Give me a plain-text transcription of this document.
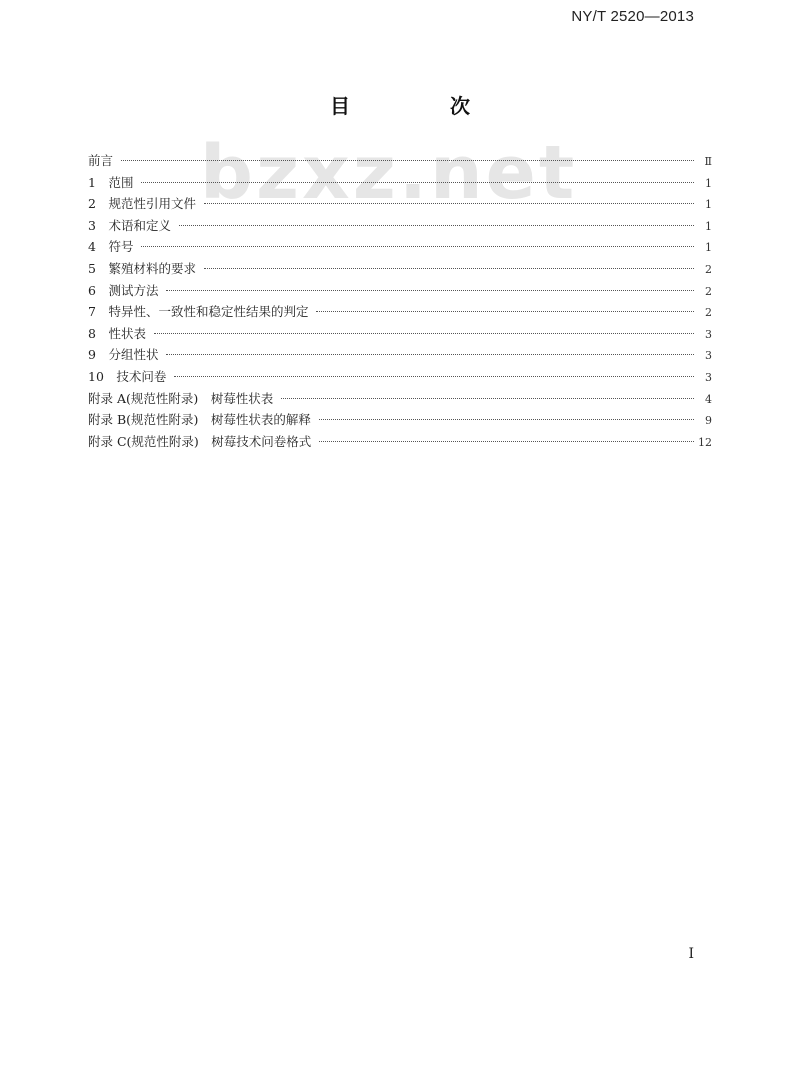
NY/T 2520—2013
目　次
bzxz.net
前言	Ⅱ
1　范围	1
2　规范性引用文件	1
3　术语和定义	1
4　符号	1
5　繁殖材料的要求	2
6　测试方法	2
7　特异性、一致性和稳定性结果的判定	2
8　性状表	3
9　分组性状	3
10　技术问卷	3
附录 A(规范性附录)　树莓性状表	4
附录 B(规范性附录)　树莓性状表的解释	9
附录 C(规范性附录)　树莓技术问卷格式	12
Ⅰ
